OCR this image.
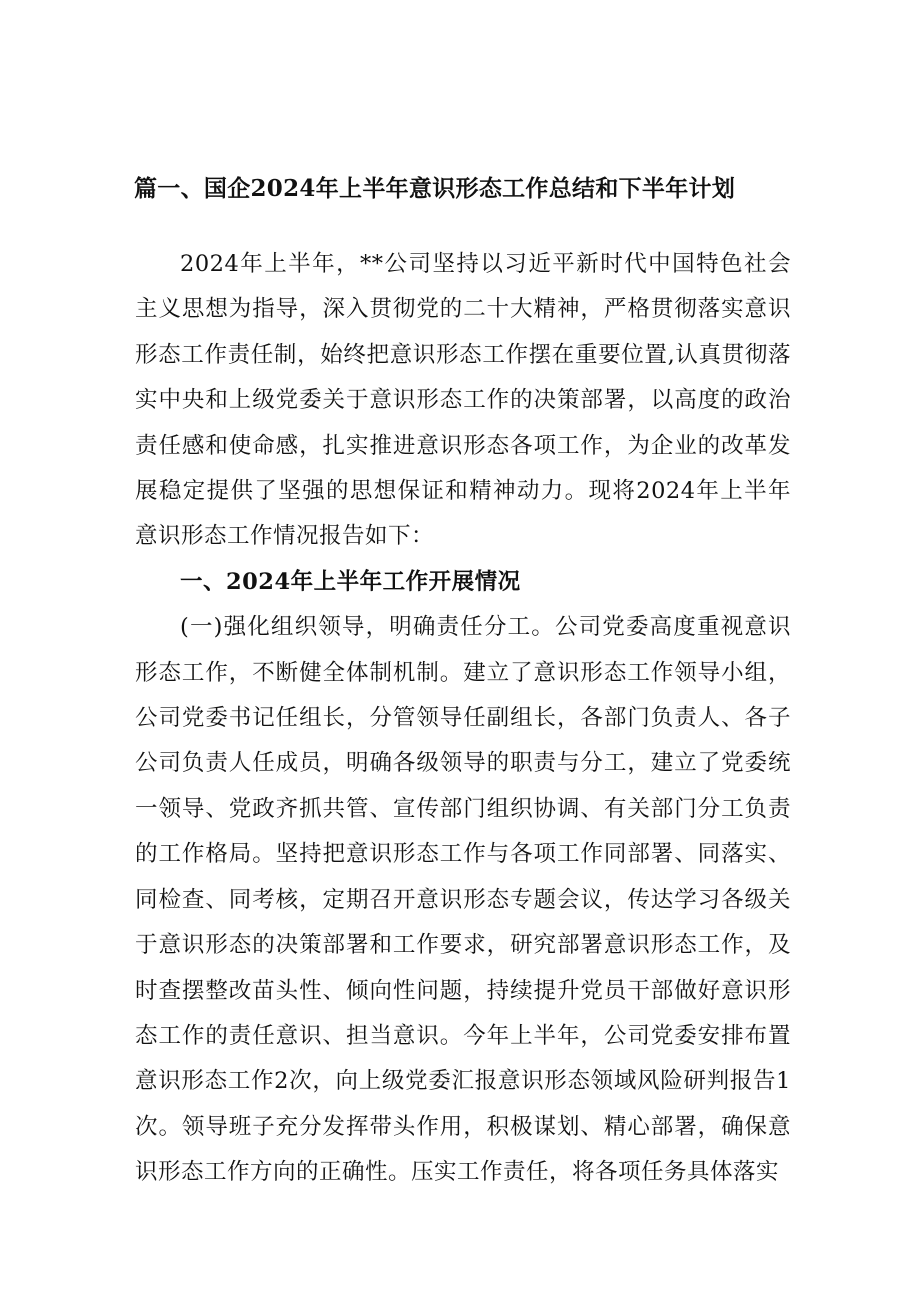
篇一、国企2024年上半年意识形态工作总结和下半年计划

2024年上半年，**公司坚持以习近平新时代中国特色社会主义思想为指导，深入贯彻党的二十大精神，严格贯彻落实意识形态工作责任制，始终把意识形态工作摆在重要位置,认真贯彻落实中央和上级党委关于意识形态工作的决策部署，以高度的政治责任感和使命感，扎实推进意识形态各项工作，为企业的改革发展稳定提供了坚强的思想保证和精神动力。现将2024年上半年意识形态工作情况报告如下：

一、2024年上半年工作开展情况

(一)强化组织领导，明确责任分工。公司党委高度重视意识形态工作，不断健全体制机制。建立了意识形态工作领导小组，公司党委书记任组长，分管领导任副组长，各部门负责人、各子公司负责人任成员，明确各级领导的职责与分工，建立了党委统一领导、党政齐抓共管、宣传部门组织协调、有关部门分工负责的工作格局。坚持把意识形态工作与各项工作同部署、同落实、同检查、同考核，定期召开意识形态专题会议，传达学习各级关于意识形态的决策部署和工作要求，研究部署意识形态工作，及时查摆整改苗头性、倾向性问题，持续提升党员干部做好意识形态工作的责任意识、担当意识。今年上半年，公司党委安排布置意识形态工作2次，向上级党委汇报意识形态领域风险研判报告1次。领导班子充分发挥带头作用，积极谋划、精心部署，确保意识形态工作方向的正确性。压实工作责任，将各项任务具体落实
